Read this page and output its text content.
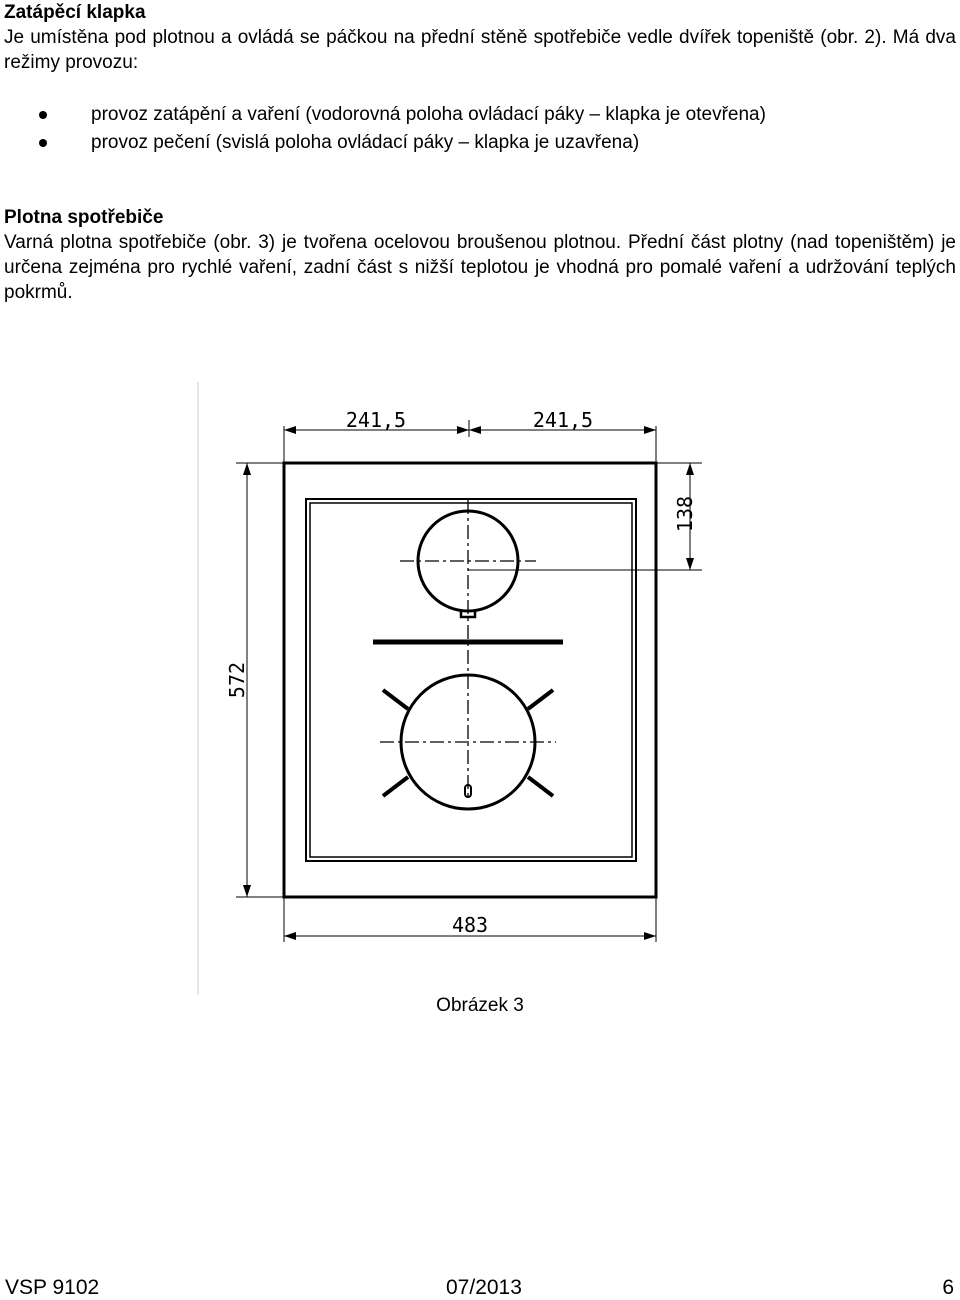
Zatápěcí klapka
Je umístěna pod plotnou a ovládá se páčkou na přední stěně spotřebiče vedle dvířek topeniště (obr. 2). Má dva režimy provozu:
provoz zatápění a vaření (vodorovná poloha ovládací páky – klapka je otevřena)
provoz pečení (svislá poloha ovládací páky – klapka je uzavřena)
Plotna spotřebiče
Varná plotna spotřebiče (obr. 3) je tvořena ocelovou broušenou plotnou. Přední část plotny (nad topeništěm) je určena zejména pro rychlé vaření, zadní část s nižší teplotou je vhodná pro pomalé vaření a udržování teplých pokrmů.
241,5	241,5
138
572
483
Obrázek 3
VSP 9102	07/2013	6
